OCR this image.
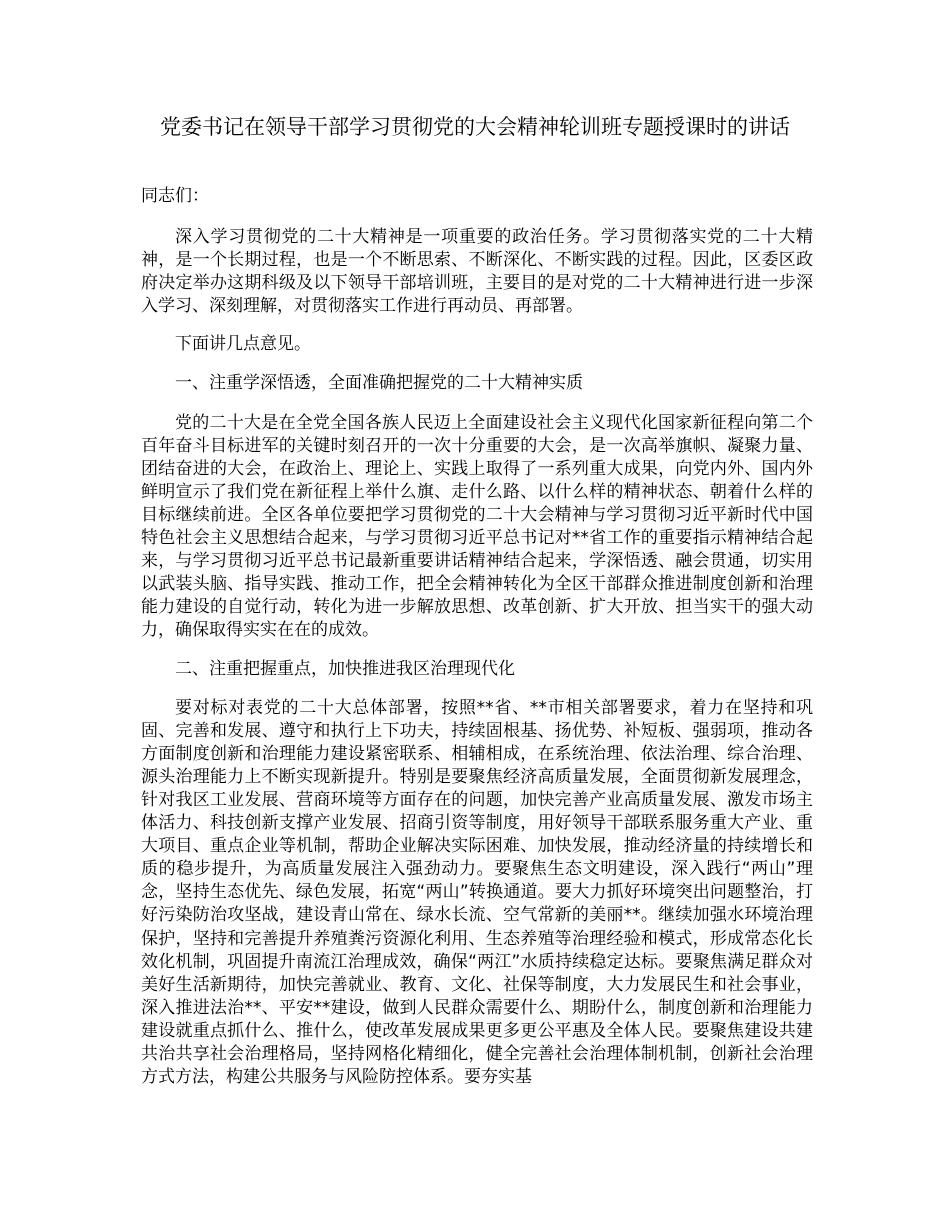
党委书记在领导干部学习贯彻党的大会精神轮训班专题授课时的讲话
同志们：

深入学习贯彻党的二十大精神是一项重要的政治任务。学习贯彻落实党的二十大精神，是一个长期过程，也是一个不断思索、不断深化、不断实践的过程。因此，区委区政府决定举办这期科级及以下领导干部培训班，主要目的是对党的二十大精神进行进一步深入学习、深刻理解，对贯彻落实工作进行再动员、再部署。

下面讲几点意见。

一、注重学深悟透，全面准确把握党的二十大精神实质

党的二十大是在全党全国各族人民迈上全面建设社会主义现代化国家新征程向第二个百年奋斗目标进军的关键时刻召开的一次十分重要的大会，是一次高举旗帜、凝聚力量、团结奋进的大会，在政治上、理论上、实践上取得了一系列重大成果，向党内外、国内外鲜明宣示了我们党在新征程上举什么旗、走什么路、以什么样的精神状态、朝着什么样的目标继续前进。全区各单位要把学习贯彻党的二十大会精神与学习贯彻习近平新时代中国特色社会主义思想结合起来，与学习贯彻习近平总书记对**省工作的重要指示精神结合起来，与学习贯彻习近平总书记最新重要讲话精神结合起来，学深悟透、融会贯通，切实用以武装头脑、指导实践、推动工作，把全会精神转化为全区干部群众推进制度创新和治理能力建设的自觉行动，转化为进一步解放思想、改革创新、扩大开放、担当实干的强大动力，确保取得实实在在的成效。

二、注重把握重点，加快推进我区治理现代化

要对标对表党的二十大总体部署，按照**省、**市相关部署要求，着力在坚持和巩固、完善和发展、遵守和执行上下功夫，持续固根基、扬优势、补短板、强弱项，推动各方面制度创新和治理能力建设紧密联系、相辅相成，在系统治理、依法治理、综合治理、源头治理能力上不断实现新提升。特别是要聚焦经济高质量发展，全面贯彻新发展理念，针对我区工业发展、营商环境等方面存在的问题，加快完善产业高质量发展、激发市场主体活力、科技创新支撑产业发展、招商引资等制度，用好领导干部联系服务重大产业、重大项目、重点企业等机制，帮助企业解决实际困难、加快发展，推动经济量的持续增长和质的稳步提升，为高质量发展注入强劲动力。要聚焦生态文明建设，深入践行“两山”理念，坚持生态优先、绿色发展，拓宽“两山”转换通道。要大力抓好环境突出问题整治，打好污染防治攻坚战，建设青山常在、绿水长流、空气常新的美丽**。继续加强水环境治理保护，坚持和完善提升养殖粪污资源化利用、生态养殖等治理经验和模式，形成常态化长效化机制，巩固提升南流江治理成效，确保“两江”水质持续稳定达标。要聚焦满足群众对美好生活新期待，加快完善就业、教育、文化、社保等制度，大力发展民生和社会事业，深入推进法治**、平安**建设，做到人民群众需要什么、期盼什么，制度创新和治理能力建设就重点抓什么、推什么，使改革发展成果更多更公平惠及全体人民。要聚焦建设共建共治共享社会治理格局，坚持网格化精细化，健全完善社会治理体制机制，创新社会治理方式方法，构建公共服务与风险防控体系。要夯实基
